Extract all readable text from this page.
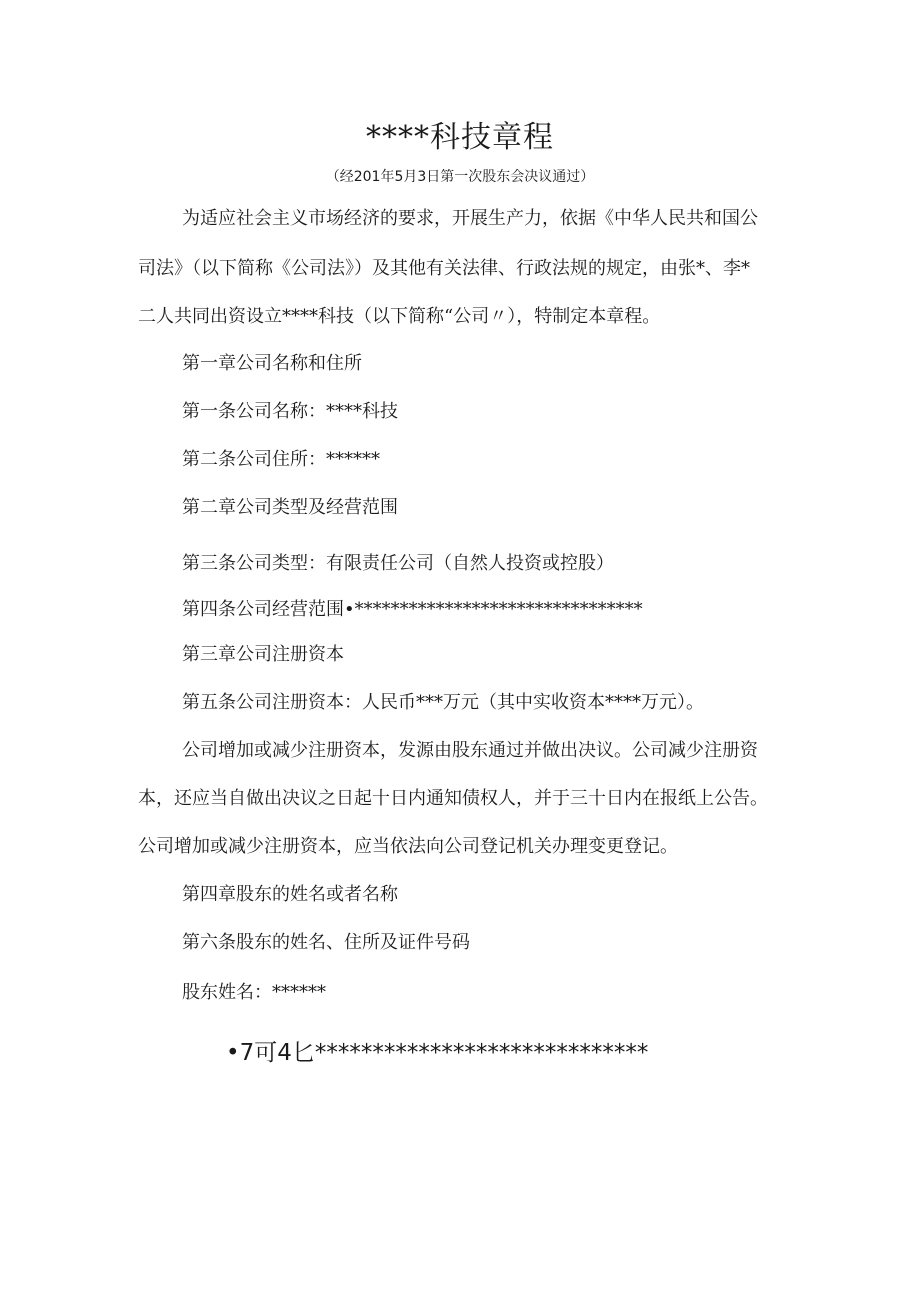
****科技章程
（经201年5月3日第一次股东会决议通过）
为适应社会主义市场经济的要求，开展生产力，依据《中华人民共和国公
司法》（以下简称《公司法》）及其他有关法律、行政法规的规定，由张*、李*
二人共同出资设立****科技（以下简称“公司〃），特制定本章程。
第一章公司名称和住所
第一条公司名称：****科技
第二条公司住所：******
第二章公司类型及经营范围
第三条公司类型：有限责任公司（自然人投资或控股）
第四条公司经营范围•********************************
第三章公司注册资本
第五条公司注册资本：人民币***万元（其中实收资本****万元）。
公司增加或减少注册资本，发源由股东通过并做出决议。公司减少注册资
本，还应当自做出决议之日起十日内通知债权人，并于三十日内在报纸上公告。
公司增加或减少注册资本，应当依法向公司登记机关办理变更登记。
第四章股东的姓名或者名称
第六条股东的姓名、住所及证件号码
股东姓名：******
•7可4匕*****************************
